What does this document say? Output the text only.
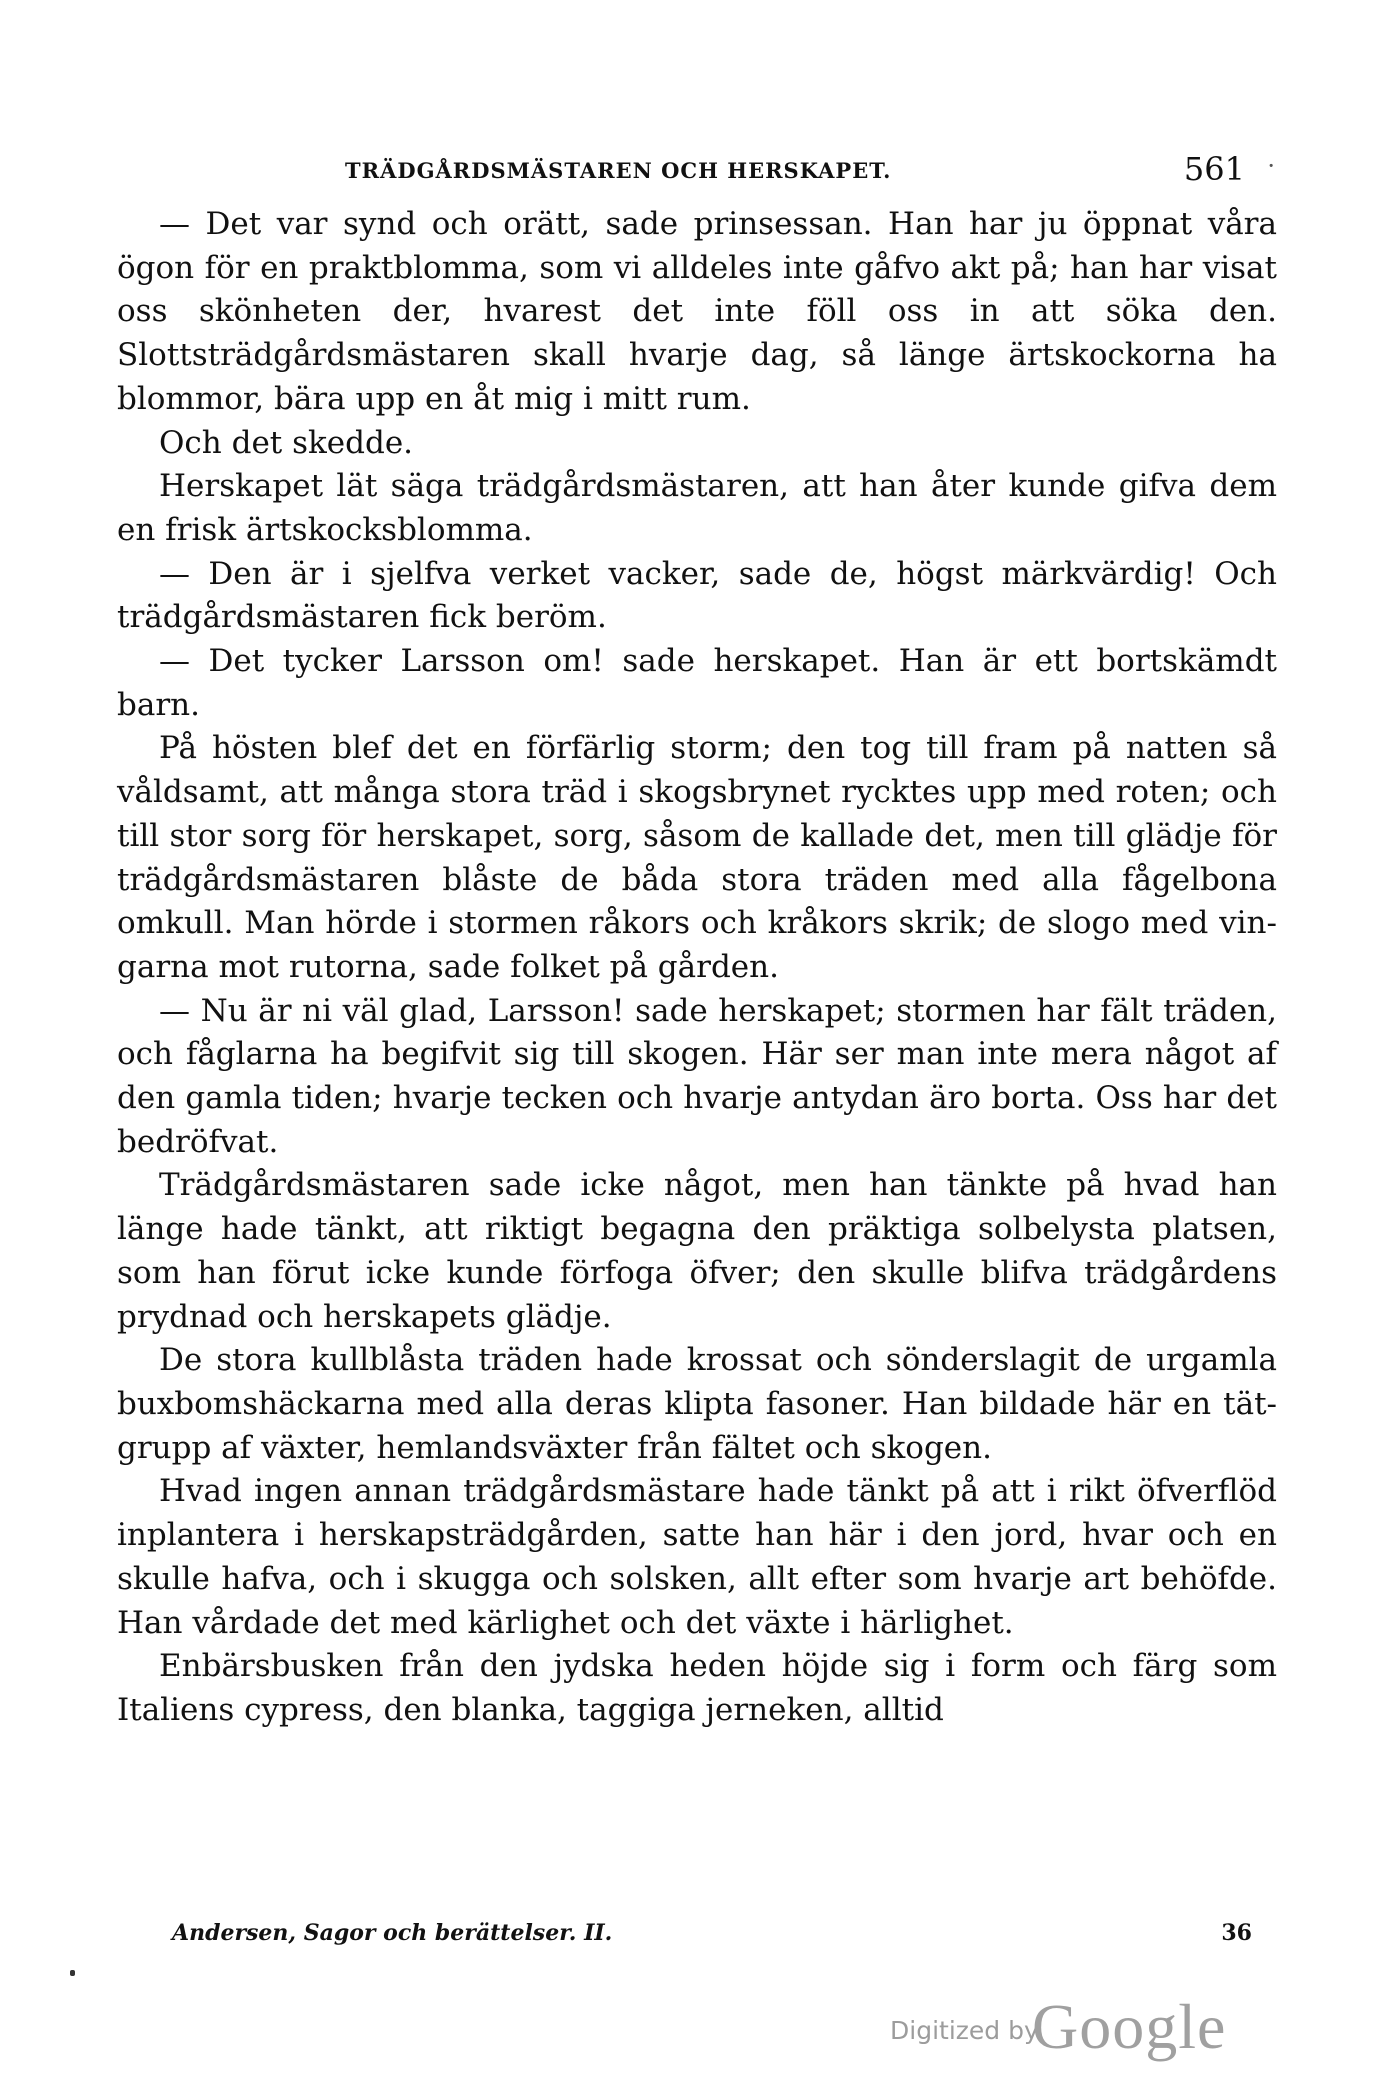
TRÄDGÅRDSMÄSTAREN OCH HERSKAPET.	561 ·

— Det var synd och orätt, sade prinsessan. Han har ju öppnat våra ögon för en praktblomma, som vi alldeles inte gåfvo akt på; han har visat oss skönheten der, hvarest det inte föll oss in att söka den. Slottsträdgårdsmästaren skall hvarje dag, så länge ärtskockorna ha blommor, bära upp en åt mig i mitt rum.

Och det skedde.

Herskapet lät säga trädgårdsmästaren, att han åter kunde gifva dem en frisk ärtskocksblomma.

— Den är i sjelfva verket vacker, sade de, högst märkvärdig! Och trädgårdsmästaren fick beröm.

— Det tycker Larsson om! sade herskapet. Han är ett bortskämdt barn.

På hösten blef det en förfärlig storm; den tog till fram på natten så våldsamt, att många stora träd i skogsbrynet rycktes upp med roten; och till stor sorg för herskapet, sorg, såsom de kallade det, men till glädje för trädgårdsmästaren blåste de båda stora träden med alla fågelbona omkull. Man hörde i stormen råkors och kråkors skrik; de slogo med vingarna mot rutorna, sade folket på gården.

— Nu är ni väl glad, Larsson! sade herskapet; stormen har fält träden, och fåglarna ha begifvit sig till skogen. Här ser man inte mera något af den gamla tiden; hvarje tecken och hvarje antydan äro borta. Oss har det bedröfvat.

Trädgårdsmästaren sade icke något, men han tänkte på hvad han länge hade tänkt, att riktigt begagna den präktiga solbelysta platsen, som han förut icke kunde förfoga öfver; den skulle blifva trädgårdens prydnad och herskapets glädje.

De stora kullblåsta träden hade krossat och sönderslagit de urgamla buxbomshäckarna med alla deras klipta fasoner. Han bildade här en tät-grupp af växter, hemlandsväxter från fältet och skogen.

Hvad ingen annan trädgårdsmästare hade tänkt på att i rikt öfverflöd inplantera i herskapsträdgården, satte han här i den jord, hvar och en skulle hafva, och i skugga och solsken, allt efter som hvarje art behöfde. Han vårdade det med kärlighet och det växte i härlighet.

Enbärsbusken från den jydska heden höjde sig i form och färg som Italiens cypress, den blanka, taggiga jerneken, alltid

Andersen, Sagor och berättelser. II.	36
Digitized by
Google
